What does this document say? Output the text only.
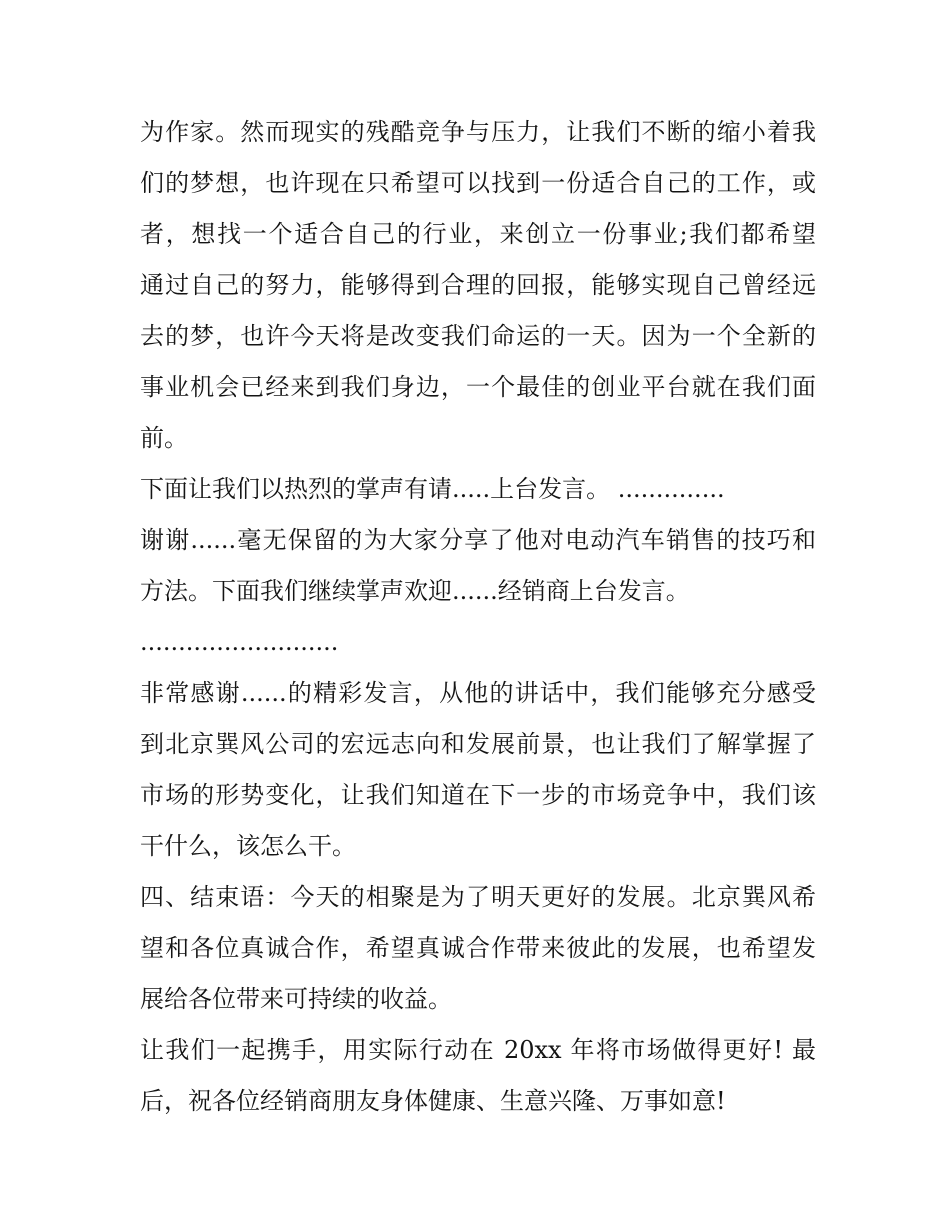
为作家。然而现实的残酷竞争与压力，让我们不断的缩小着我
们的梦想，也许现在只希望可以找到一份适合自己的工作，或
者，想找一个适合自己的行业，来创立一份事业;我们都希望
通过自己的努力，能够得到合理的回报，能够实现自己曾经远
去的梦，也许今天将是改变我们命运的一天。因为一个全新的
事业机会已经来到我们身边，一个最佳的创业平台就在我们面
前。
下面让我们以热烈的掌声有请.....上台发言。 ..............
谢谢......毫无保留的为大家分享了他对电动汽车销售的技巧和
方法。下面我们继续掌声欢迎......经销商上台发言。
..........................
非常感谢......的精彩发言，从他的讲话中，我们能够充分感受
到北京巽风公司的宏远志向和发展前景，也让我们了解掌握了
市场的形势变化，让我们知道在下一步的市场竞争中，我们该
干什么，该怎么干。
四、结束语：今天的相聚是为了明天更好的发展。北京巽风希
望和各位真诚合作，希望真诚合作带来彼此的发展，也希望发
展给各位带来可持续的收益。
让我们一起携手，用实际行动在 20xx 年将市场做得更好! 最
后，祝各位经销商朋友身体健康、生意兴隆、万事如意!
